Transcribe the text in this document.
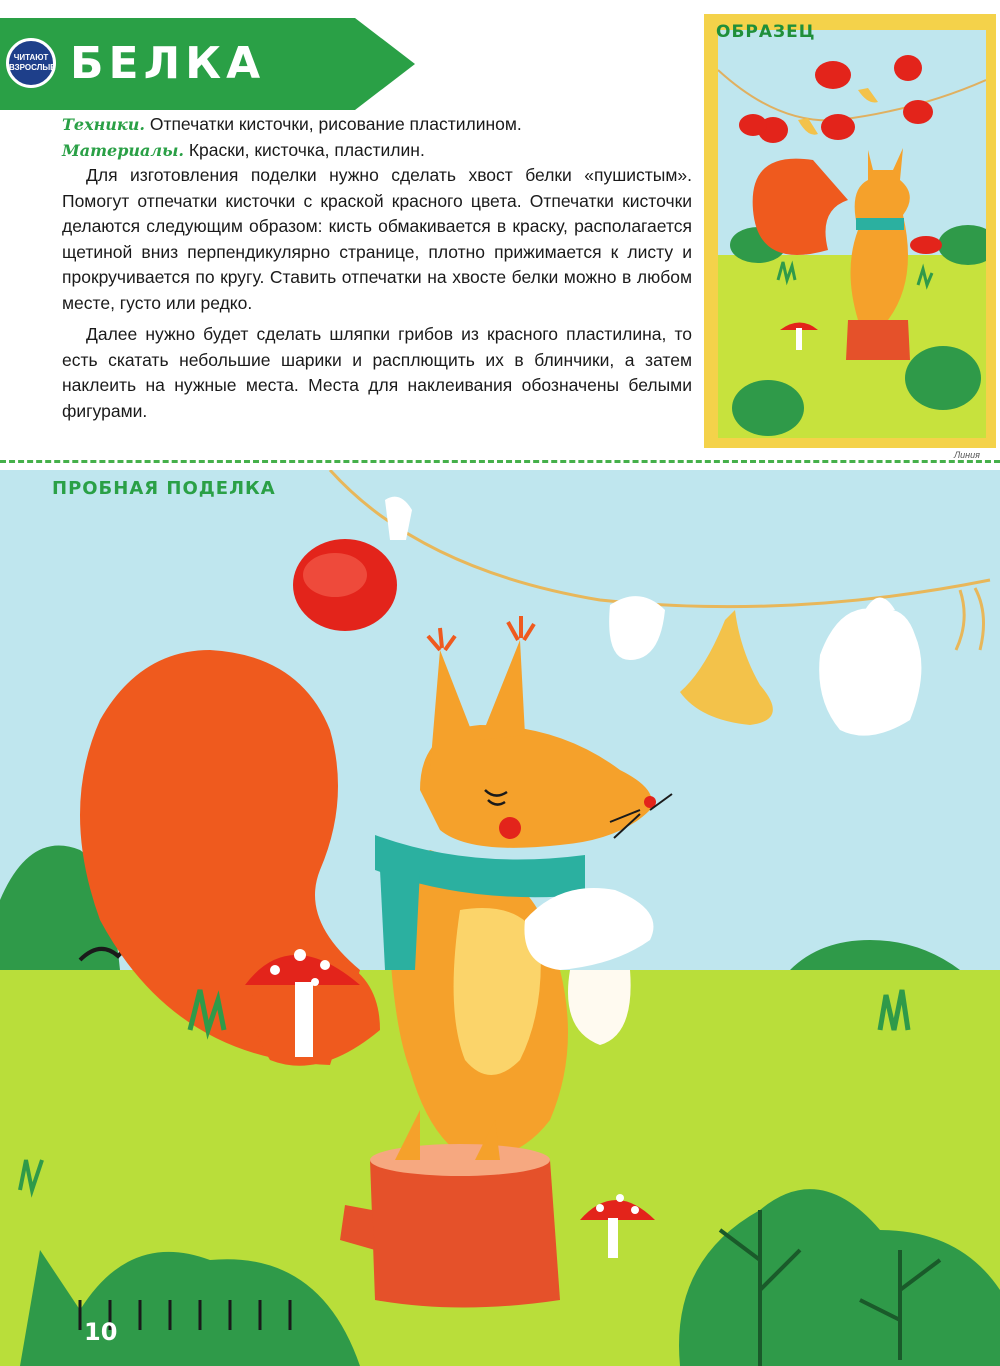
ЧИТАЮТ
ВЗРОСЛЫЕ БЕЛКА

Техники. Отпечатки кисточки, рисование пластилином.

Материалы. Краски, кисточка, пластилин.

Для изготовления поделки нужно сделать хвост белки «пушистым». Помогут отпечатки кисточки с краской красного цвета. Отпечатки кисточки делаются следующим образом: кисть обмакивается в краску, располагается щетиной вниз перпендикулярно странице, плотно прижимается к листу и прокручивается по кругу. Ставить отпечатки на хвосте белки можно в любом месте, густо или редко.

Далее нужно будет сделать шляпки грибов из красного пластилина, то есть скатать небольшие шарики и расплющить их в блинчики, а затем наклеить на нужные места. Места для наклеивания обозначены белыми фигурами.

ОБРАЗЕЦ
Линия
ПРОБНАЯ ПОДЕЛКА
10
